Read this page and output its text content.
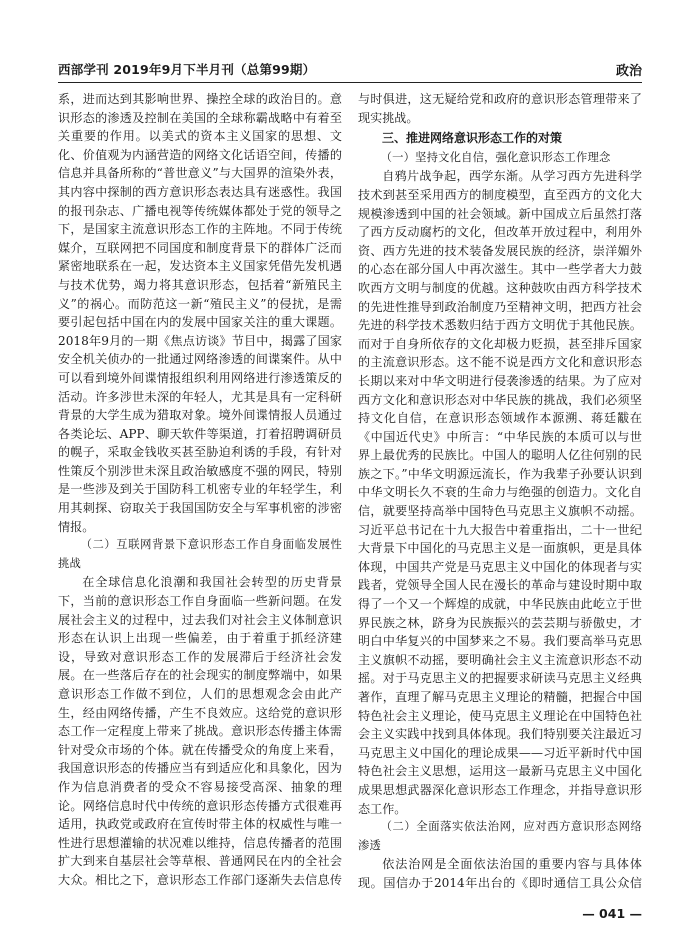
西部学刊 2019年9月下半月刊（总第99期）	政治

系，进而达到其影响世界、操控全球的政治目的。意识形态的渗透及控制在美国的全球称霸战略中有着至关重要的作用。以美式的资本主义国家的思想、文化、价值观为内涵营造的网络文化话语空间，传播的信息并具备所称的“普世意义”与大国界的渲染外表，其内容中探制的西方意识形态表达具有迷惑性。我国的报刊杂志、广播电视等传统媒体都处于党的领导之下，是国家主流意识形态工作的主阵地。不同于传统媒介，互联网把不同国度和制度背景下的群体广泛而紧密地联系在一起，发达资本主义国家凭借先发机遇与技术优势，竭力将其意识形态，包括着“新殖民主义”的祸心。而防范这一新“殖民主义”的侵扰，是需要引起包括中国在内的发展中国家关注的重大课题。2018年9月的一期《焦点访谈》节目中，揭露了国家安全机关侦办的一批通过网络渗透的间谍案件。从中可以看到境外间谍情报组织利用网络进行渗透策反的活动。许多涉世未深的年轻人，尤其是具有一定科研背景的大学生成为猎取对象。境外间谍情报人员通过各类论坛、APP、聊天软件等渠道，打着招聘调研员的幌子，采取金钱收买甚至胁迫利诱的手段，有针对性策反个别涉世未深且政治敏感度不强的网民，特别是一些涉及到关于国防科工机密专业的年轻学生，利用其刺探、窃取关于我国国防安全与军事机密的涉密情报。

（二）互联网背景下意识形态工作自身面临发展性挑战

在全球信息化浪潮和我国社会转型的历史背景下，当前的意识形态工作自身面临一些新问题。在发展社会主义的过程中，过去我们对社会主义体制意识形态在认识上出现一些偏差，由于着重于抓经济建设，导致对意识形态工作的发展滞后于经济社会发展。在一些落后存在的社会现实的制度弊端中，如果意识形态工作做不到位，人们的思想观念会由此产生，经由网络传播，产生不良效应。这给党的意识形态工作一定程度上带来了挑战。意识形态传播主体需针对受众市场的个体。就在传播受众的角度上来看，我国意识形态的传播应当有到适应化和具象化，因为作为信息消费者的受众不容易接受高深、抽象的理论。网络信息时代中传统的意识形态传播方式很难再适用，执政党或政府在宣传时带主体的权威性与唯一性进行思想灌输的状况难以维持，信息传播者的范围扩大到来自基层社会等草根、普通网民在内的全社会大众。相比之下，意识形态工作部门逐渐失去信息传

与时俱进，这无疑给党和政府的意识形态管理带来了现实挑战。

三、推进网络意识形态工作的对策
（一）坚持文化自信，强化意识形态工作理念

自鸦片战争起，西学东渐。从学习西方先进科学技术到甚至采用西方的制度模型，直至西方的文化大规模渗透到中国的社会领域。新中国成立后虽然打落了西方反动腐朽的文化，但改革开放过程中，利用外资、西方先进的技术装备发展民族的经济，崇洋媚外的心态在部分国人中再次滋生。其中一些学者大力鼓吹西方文明与制度的优越。这种鼓吹由西方科学技术的先进性推导到政治制度乃至精神文明，把西方社会先进的科学技术悉数归结于西方文明优于其他民族。而对于自身所依存的文化却极力贬损，甚至排斥国家的主流意识形态。这不能不说是西方文化和意识形态长期以来对中华文明进行侵袭渗透的结果。为了应对西方文化和意识形态对中华民族的挑战，我们必须坚持文化自信，在意识形态领域作本源溯、蒋廷黻在《中国近代史》中所言：“中华民族的本质可以与世界上最优秀的民族比。中国人的聪明人亿往何别的民族之下。”中华文明源远流长，作为我辈子孙要认识到中华文明长久不衰的生命力与绝强的创造力。文化自信，就要坚持高举中国特色马克思主义旗帜不动摇。习近平总书记在十九大报告中着重指出，二十一世纪大背景下中国化的马克思主义是一面旗帜，更是具体体现，中国共产党是马克思主义中国化的体现者与实践者，党领导全国人民在漫长的革命与建设时期中取得了一个又一个辉煌的成就，中华民族由此屹立于世界民族之林，跻身为民族振兴的芸芸期与骄傲史，才明白中华复兴的中国梦来之不易。我们要高举马克思主义旗帜不动摇，要明确社会主义主流意识形态不动摇。对于马克思主义的把握要求研读马克思主义经典著作，直理了解马克思主义理论的精髓，把握合中国特色社会主义理论，使马克思主义理论在中国特色社会主义实践中找到具体体现。我们特别要关注最近习马克思主义中国化的理论成果——习近平新时代中国特色社会主义思想，运用这一最新马克思主义中国化成果思想武器深化意识形态工作理念，并指导意识形态工作。

（二）全面落实依法治网，应对西方意识形态网络渗透

依法治网是全面依法治国的重要内容与具体体现。国信办于2014年出台的《即时通信工具公众信

— 041 —
